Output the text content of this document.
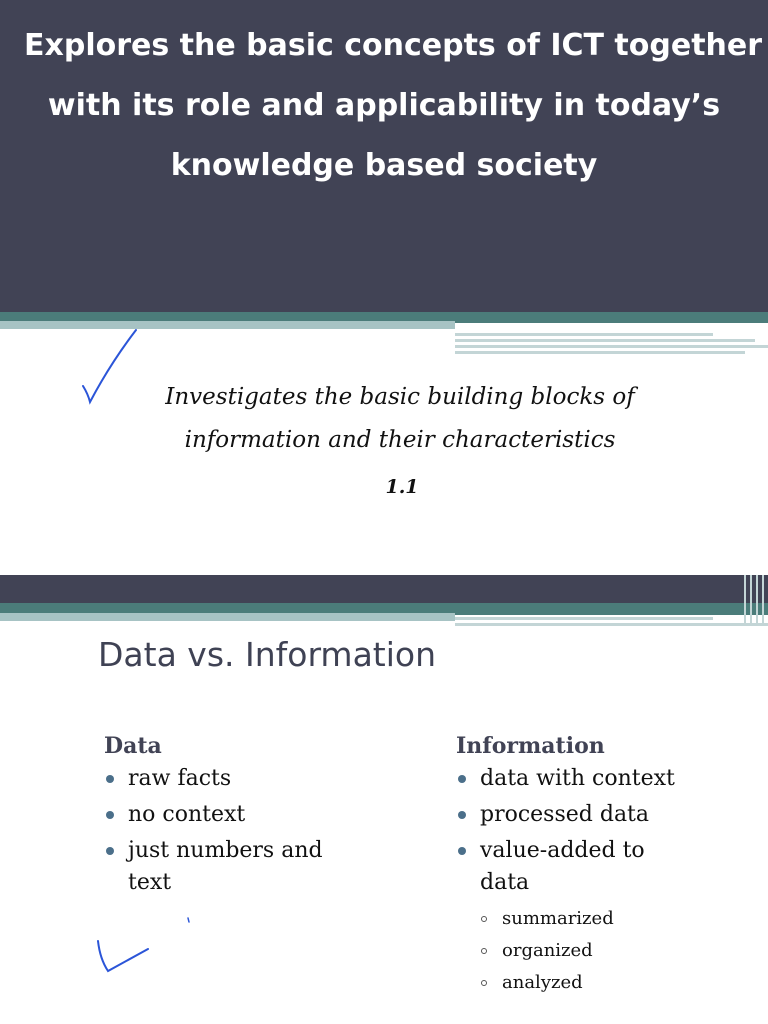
Explores the basic concepts of ICT together
with its role and applicability in today’s
knowledge based society

Investigates the basic building blocks of
information and their characteristics

1.1
Data vs. Information
Data
raw facts
no context
just numbers and text
Information
data with context
processed data
value-added to data
summarized
organized
analyzed
